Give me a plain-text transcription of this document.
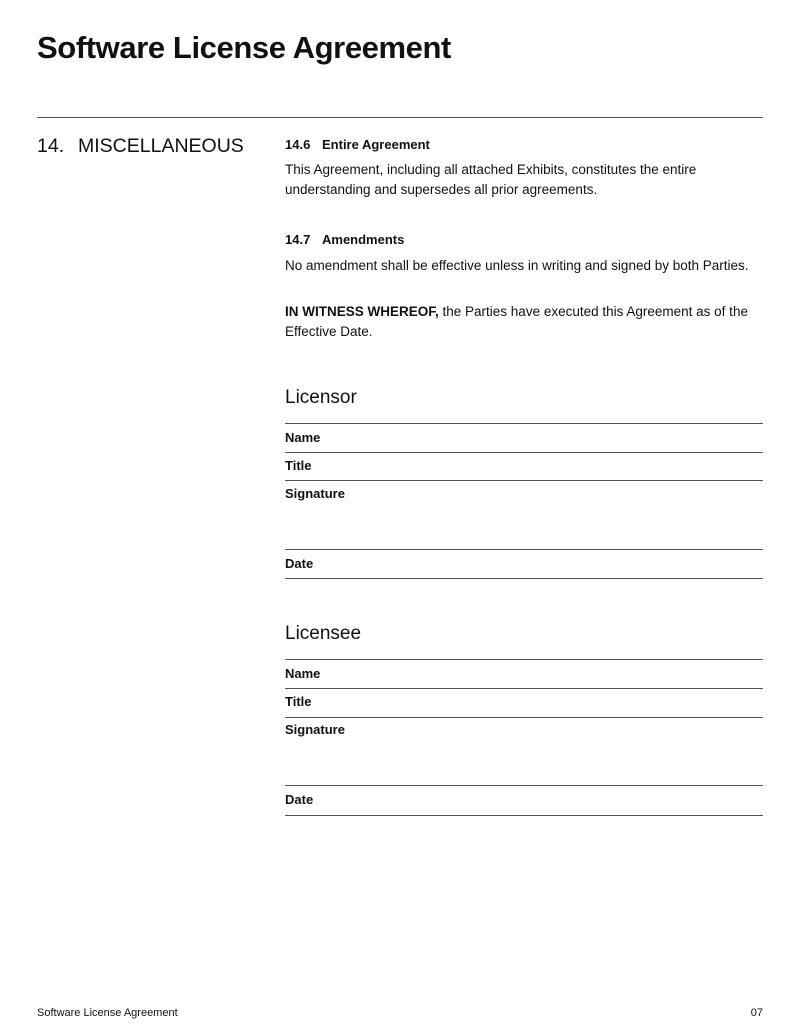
Software License Agreement
14. MISCELLANEOUS	14.6 Entire Agreement

This Agreement, including all attached Exhibits, constitutes the entire understanding and supersedes all prior agreements.

14.7 Amendments

No amendment shall be effective unless in writing and signed by both Parties.

IN WITNESS WHEREOF, the Parties have executed this Agreement as of the Effective Date.

Licensor
Name
Title
Signature
Date
Licensee
Name
Title
Signature
Date
Software License Agreement	07
